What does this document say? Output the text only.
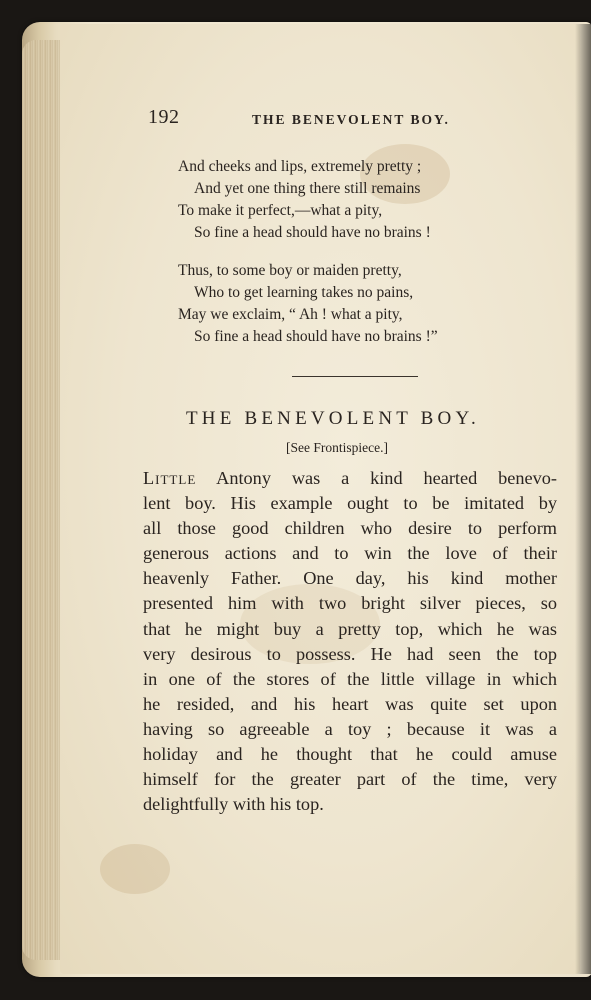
192	THE BENEVOLENT BOY.
And cheeks and lips, extremely pretty ;
And yet one thing there still remains
To make it perfect,—what a pity,
So fine a head should have no brains !
Thus, to some boy or maiden pretty,
Who to get learning takes no pains,
May we exclaim, “ Ah ! what a pity,
So fine a head should have no brains !”
THE BENEVOLENT BOY.
[See Frontispiece.]
Little Antony was a kind hearted benevo-
lent boy. His example ought to be imitated by
all those good children who desire to perform
generous actions and to win the love of their
heavenly Father. One day, his kind mother
presented him with two bright silver pieces, so
that he might buy a pretty top, which he was
very desirous to possess. He had seen the top
in one of the stores of the little village in which
he resided, and his heart was quite set upon
having so agreeable a toy ; because it was a
holiday and he thought that he could amuse
himself for the greater part of the time, very
delightfully with his top.
